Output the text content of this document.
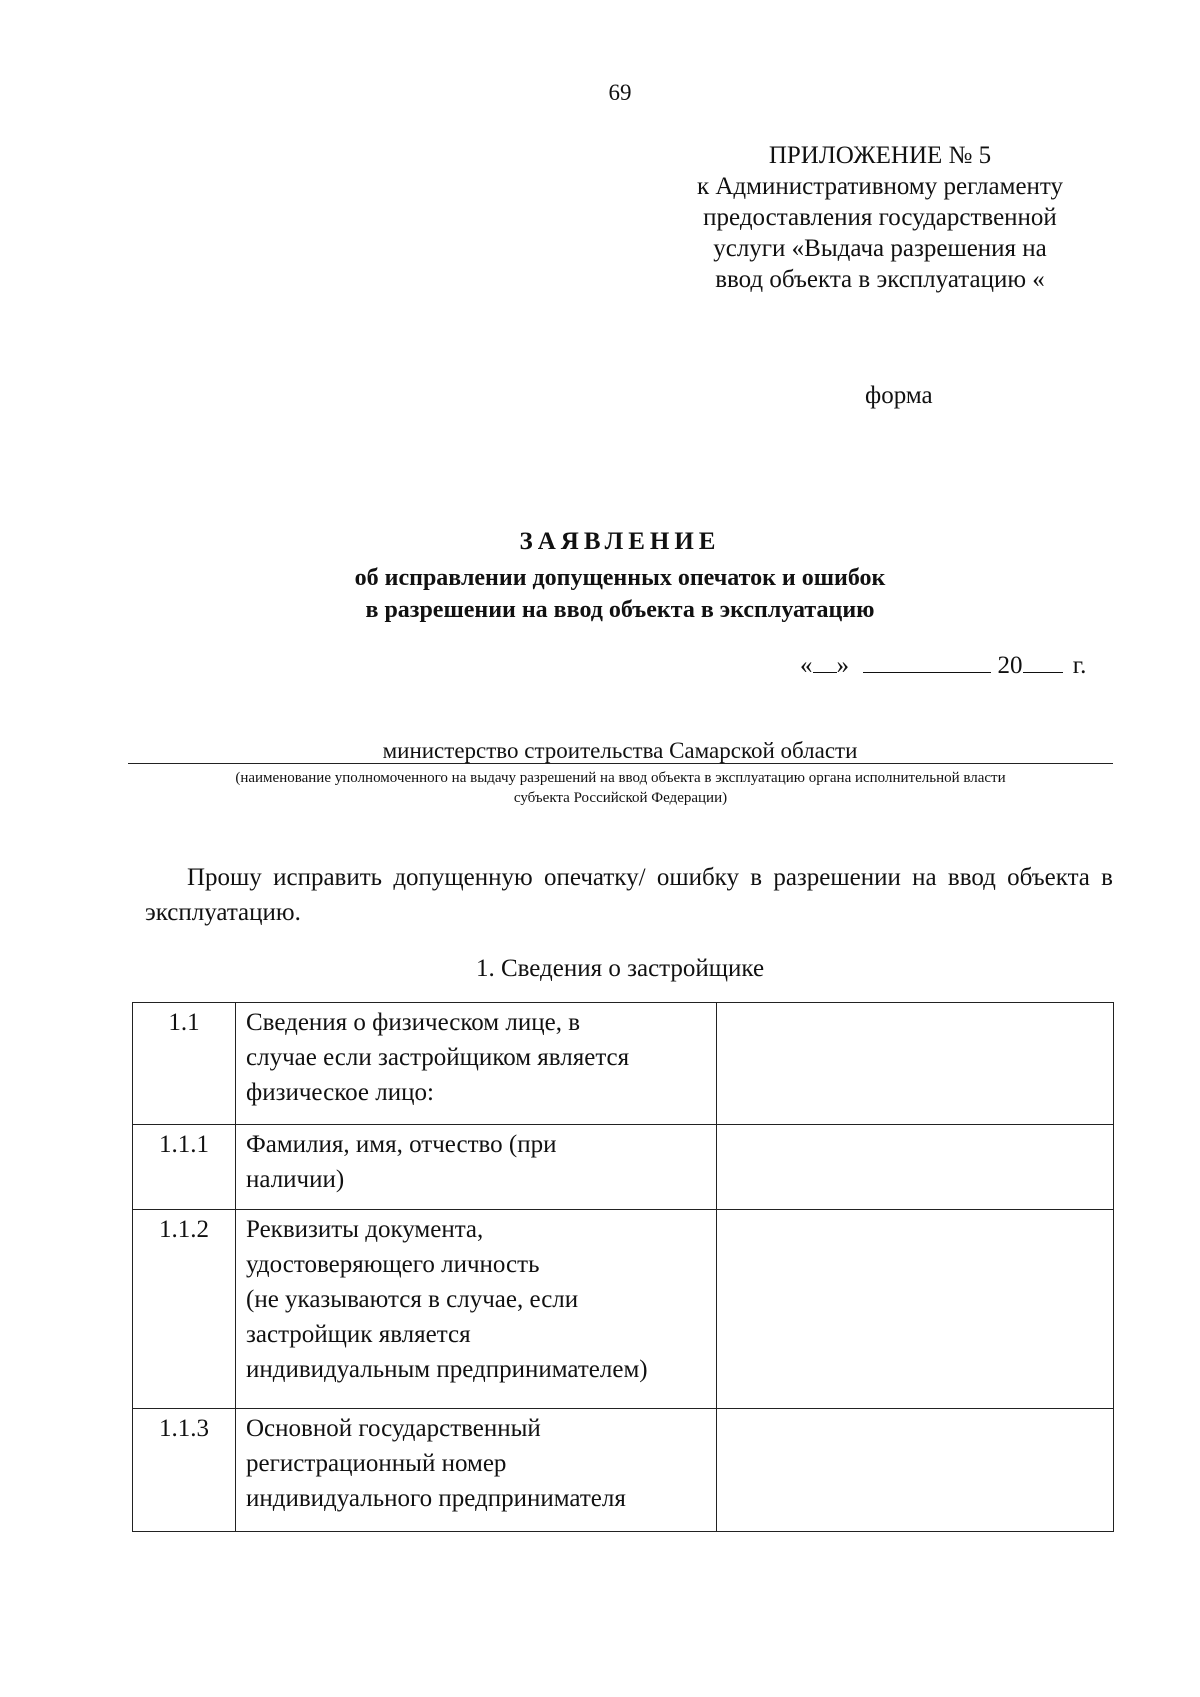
69
ПРИЛОЖЕНИЕ № 5
к Административному регламенту
предоставления государственной
услуги «Выдача разрешения на
ввод объекта в эксплуатацию «
форма
ЗАЯВЛЕНИЕ
об исправлении допущенных опечаток и ошибок
в разрешении на ввод объекта в эксплуатацию
« »	20 г.
министерство строительства Самарской области
(наименование уполномоченного на выдачу разрешений на ввод объекта в эксплуатацию органа исполнительной власти
субъекта Российской Федерации)
Прошу исправить допущенную опечатку/ ошибку в разрешении на ввод объекта в эксплуатацию.
1. Сведения о застройщике
1.1	Сведения о физическом лице, в
случае если застройщиком является
физическое лицо:	

1.1.1	Фамилия, имя, отчество (при
наличии)	

1.1.2	Реквизиты документа,
удостоверяющего личность
(не указываются в случае, если
застройщик является
индивидуальным предпринимателем)	

1.1.3	Основной государственный
регистрационный номер
индивидуального предпринимателя	
